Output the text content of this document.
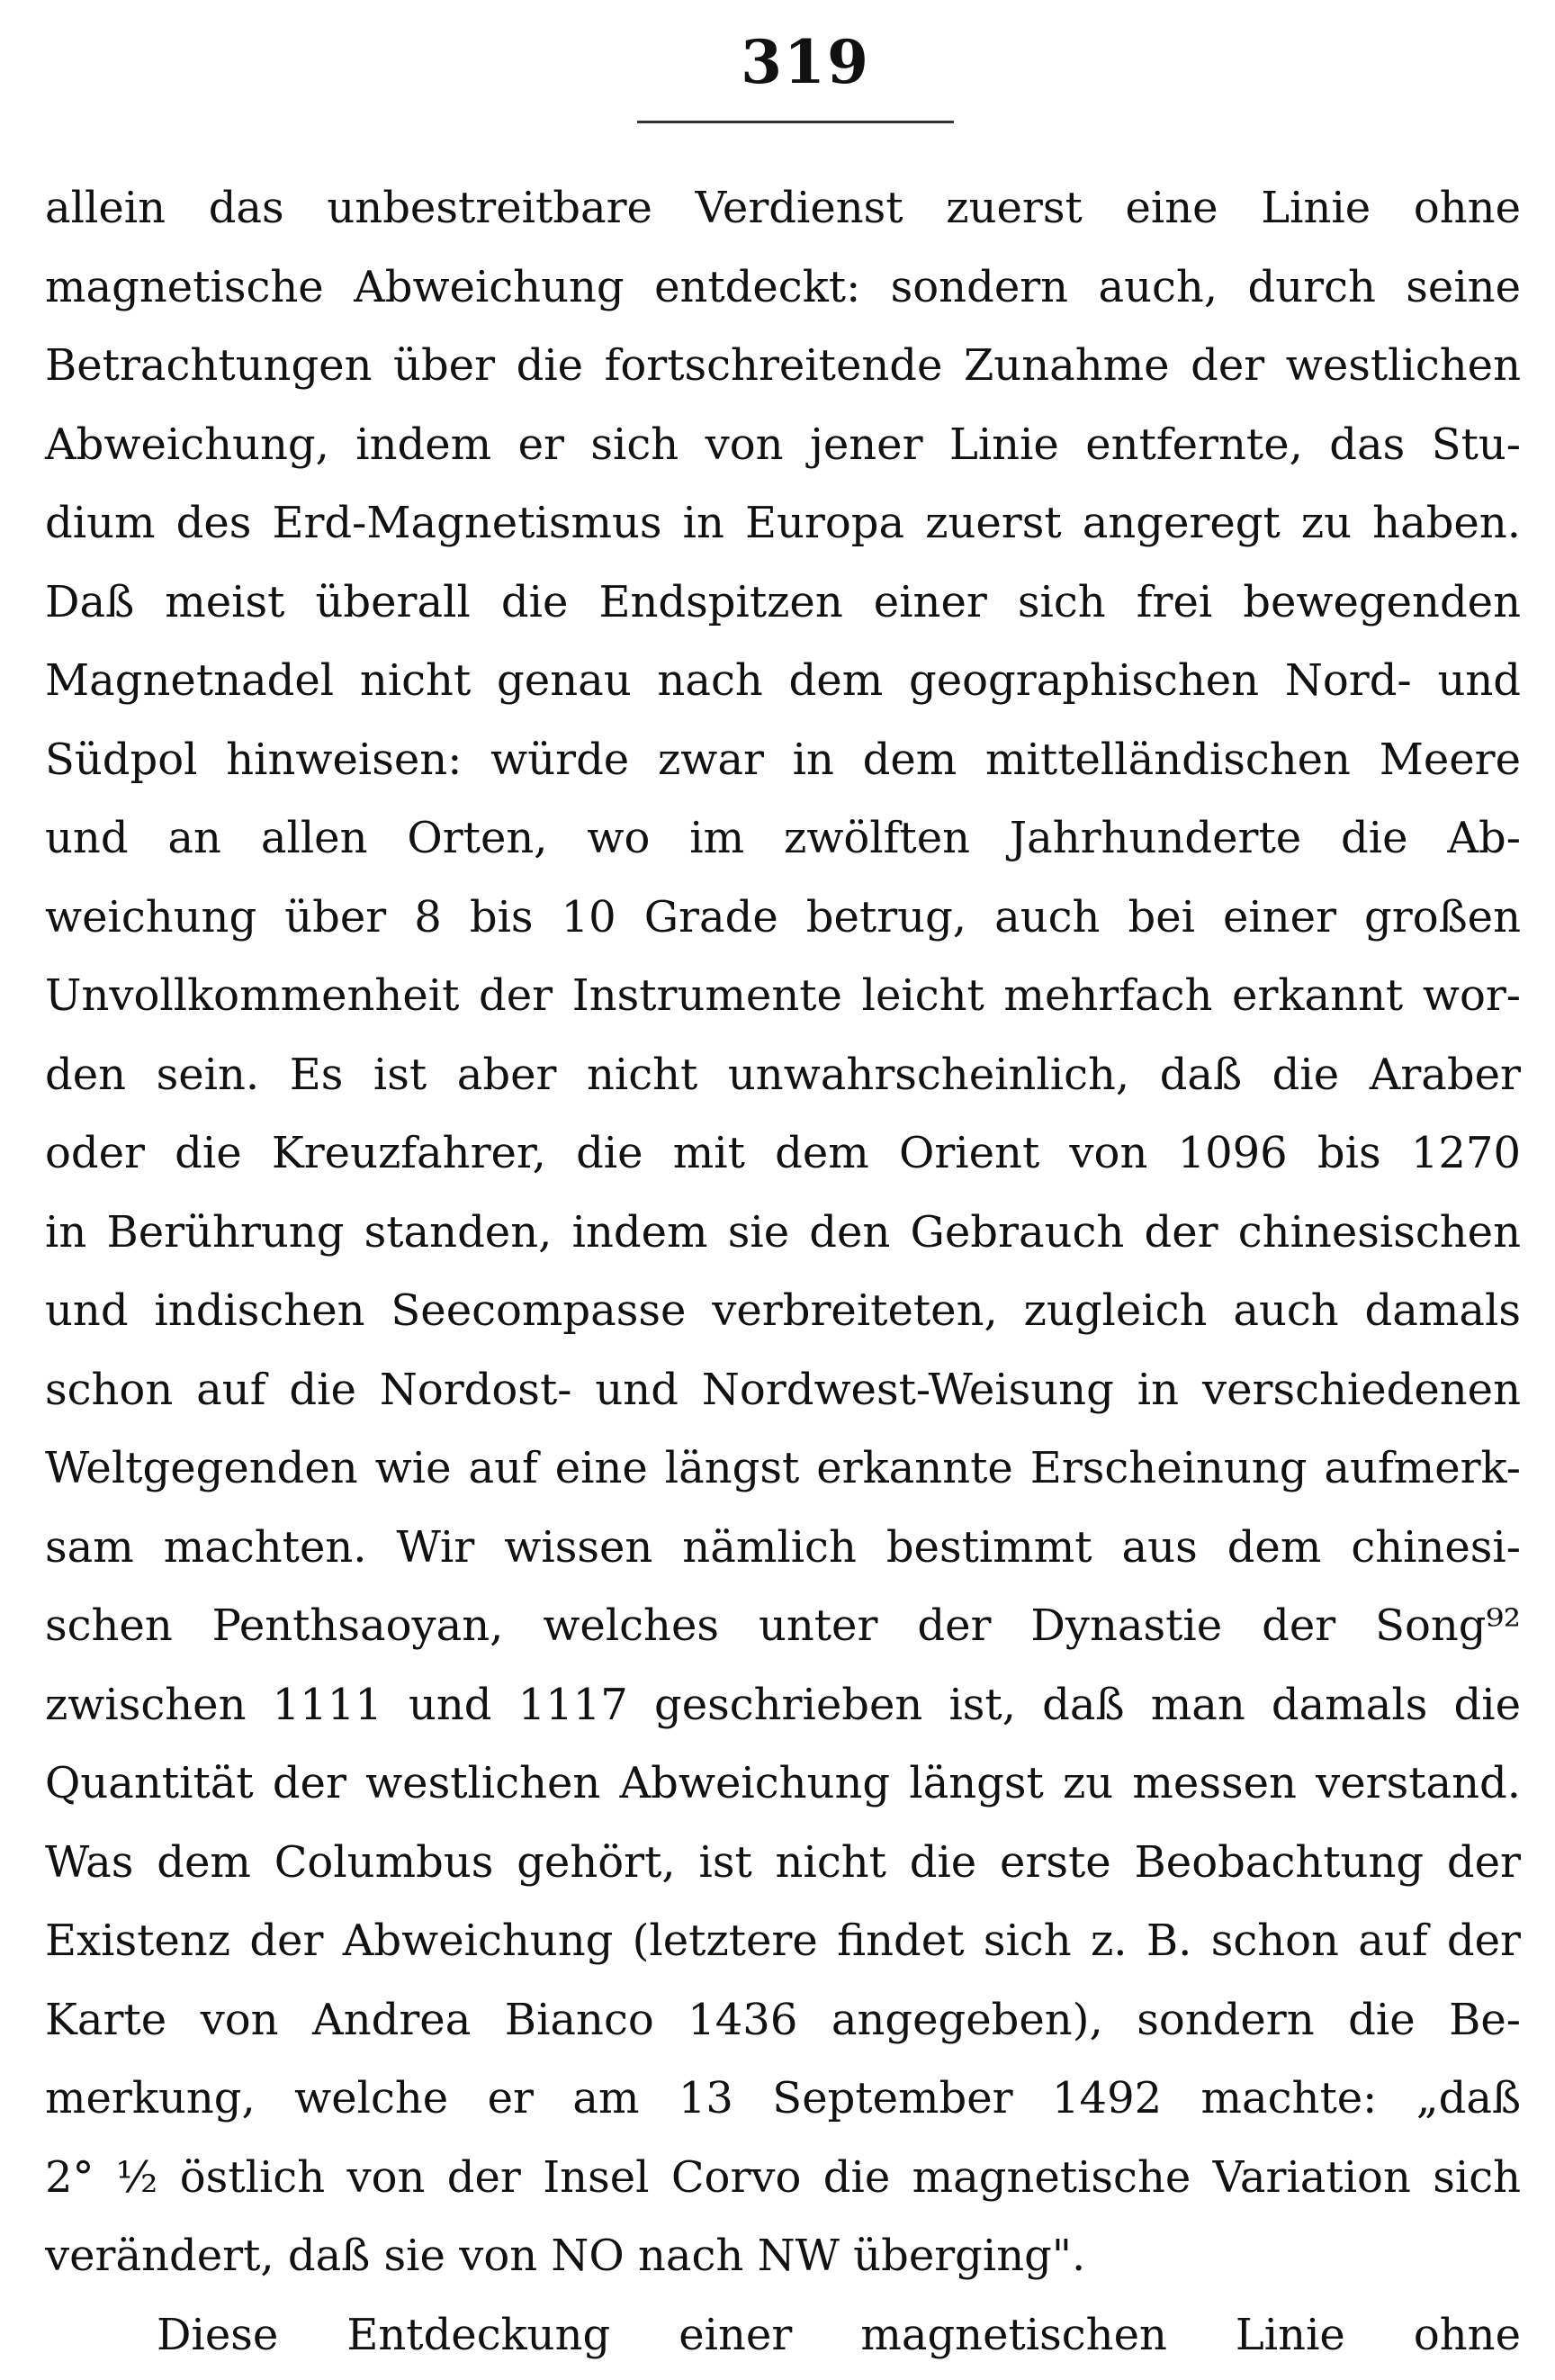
319
allein das unbestreitbare Verdienst zuerst eine Linie ohne
magnetische Abweichung entdeckt: sondern auch, durch seine
Betrachtungen über die fortschreitende Zunahme der westlichen
Abweichung, indem er sich von jener Linie entfernte, das Stu-
dium des Erd-Magnetismus in Europa zuerst angeregt zu haben.
Daß meist überall die Endspitzen einer sich frei bewegenden
Magnetnadel nicht genau nach dem geographischen Nord- und
Südpol hinweisen: würde zwar in dem mittelländischen Meere
und an allen Orten, wo im zwölften Jahrhunderte die Ab-
weichung über 8 bis 10 Grade betrug, auch bei einer großen
Unvollkommenheit der Instrumente leicht mehrfach erkannt wor-
den sein. Es ist aber nicht unwahrscheinlich, daß die Araber
oder die Kreuzfahrer, die mit dem Orient von 1096 bis 1270
in Berührung standen, indem sie den Gebrauch der chinesischen
und indischen Seecompasse verbreiteten, zugleich auch damals
schon auf die Nordost- und Nordwest-Weisung in verschiedenen
Weltgegenden wie auf eine längst erkannte Erscheinung aufmerk-
sam machten. Wir wissen nämlich bestimmt aus dem chinesi-
schen Penthsaoyan, welches unter der Dynastie der Song⁹²
zwischen 1111 und 1117 geschrieben ist, daß man damals die
Quantität der westlichen Abweichung längst zu messen verstand.
Was dem Columbus gehört, ist nicht die erste Beobachtung der
Existenz der Abweichung (letztere findet sich z. B. schon auf der
Karte von Andrea Bianco 1436 angegeben), sondern die Be-
merkung, welche er am 13 September 1492 machte: „daß
2° ½ östlich von der Insel Corvo die magnetische Variation sich
verändert, daß sie von NO nach NW überging".
Diese Entdeckung einer magnetischen Linie ohne
